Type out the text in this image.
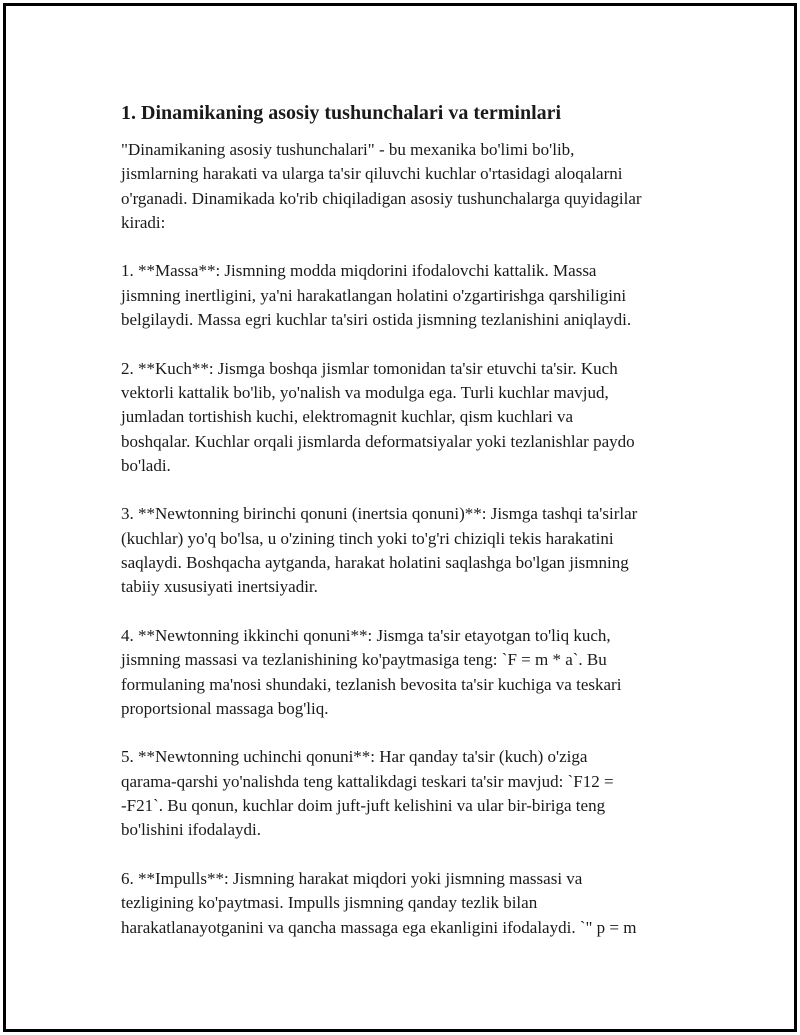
1. Dinamikaning asosiy tushunchalari va terminlari

"Dinamikaning asosiy tushunchalari" - bu mexanika bo'limi bo'lib,
jismlarning harakati va ularga ta'sir qiluvchi kuchlar o'rtasidagi aloqalarni
o'rganadi. Dinamikada ko'rib chiqiladigan asosiy tushunchalarga quyidagilar
kiradi:

1. **Massa**: Jismning modda miqdorini ifodalovchi kattalik. Massa
jismning inertligini, ya'ni harakatlangan holatini o'zgartirishga qarshiligini
belgilaydi. Massa egri kuchlar ta'siri ostida jismning tezlanishini aniqlaydi.

2. **Kuch**: Jismga boshqa jismlar tomonidan ta'sir etuvchi ta'sir. Kuch
vektorli kattalik bo'lib, yo'nalish va modulga ega. Turli kuchlar mavjud,
jumladan tortishish kuchi, elektromagnit kuchlar, qism kuchlari va
boshqalar. Kuchlar orqali jismlarda deformatsiyalar yoki tezlanishlar paydo
bo'ladi.

3. **Newtonning birinchi qonuni (inertsia qonuni)**: Jismga tashqi ta'sirlar
(kuchlar) yo'q bo'lsa, u o'zining tinch yoki to'g'ri chiziqli tekis harakatini
saqlaydi. Boshqacha aytganda, harakat holatini saqlashga bo'lgan jismning
tabiiy xususiyati inertsiyadir.

4. **Newtonning ikkinchi qonuni**: Jismga ta'sir etayotgan to'liq kuch,
jismning massasi va tezlanishining ko'paytmasiga teng: `F = m * a`. Bu
formulaning ma'nosi shundaki, tezlanish bevosita ta'sir kuchiga va teskari
proportsional massaga bog'liq.

5. **Newtonning uchinchi qonuni**: Har qanday ta'sir (kuch) o'ziga
qarama-qarshi yo'nalishda teng kattalikdagi teskari ta'sir mavjud: `F12 =
-F21`. Bu qonun, kuchlar doim juft-juft kelishini va ular bir-biriga teng
bo'lishini ifodalaydi.

6. **Impulls**: Jismning harakat miqdori yoki jismning massasi va
tezligining ko'paytmasi. Impulls jismning qanday tezlik bilan
harakatlanayotganini va qancha massaga ega ekanligini ifodalaydi. `" p = m
